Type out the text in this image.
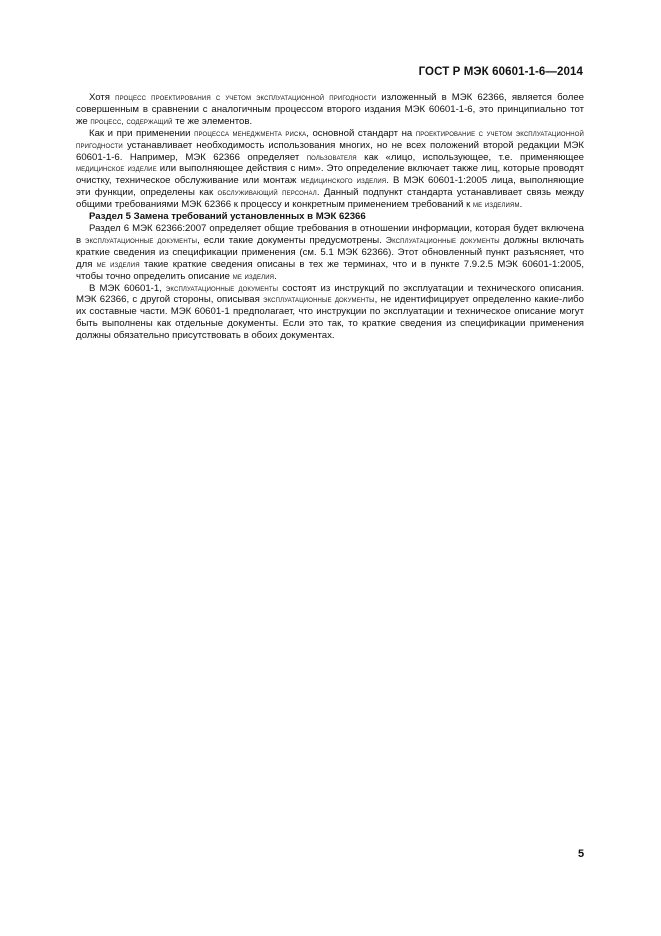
ГОСТ Р МЭК 60601-1-6—2014

Хотя процесс проектирования с учетом эксплуатационной пригодности изложенный в МЭК 62366, является более совершенным в сравнении с аналогичным процессом второго издания МЭК 60601-1-6, это принципиально тот же процесс, содержащий те же элементов.

Как и при применении процесса менеджмента риска, основной стандарт на проектирование с учетом эксплуатационной пригодности устанавливает необходимость использования многих, но не всех положений второй редакции МЭК 60601-1-6. Например, МЭК 62366 определяет пользователя как «лицо, использующее, т.е. применяющее медицинское изделие или выполняющее действия с ним». Это определение включает также лиц, которые проводят очистку, техническое обслуживание или монтаж медицинского изделия. В МЭК 60601-1:2005 лица, выполняющие эти функции, определены как обслуживающий персонал. Данный подпункт стандарта устанавливает связь между общими требованиями МЭК 62366 к процессу и конкретным применением требований к ме изделиям.

Раздел 5 Замена требований установленных в МЭК 62366

Раздел 6 МЭК 62366:2007 определяет общие требования в отношении информации, которая будет включена в эксплуатационные документы, если такие документы предусмотрены. Эксплуатационные документы должны включать краткие сведения из спецификации применения (см. 5.1 МЭК 62366). Этот обновленный пункт разъясняет, что для ме изделия такие краткие сведения описаны в тех же терминах, что и в пункте 7.9.2.5 МЭК 60601-1:2005, чтобы точно определить описание ме изделия.

В МЭК 60601-1, эксплуатационные документы состоят из инструкций по эксплуатации и технического описания. МЭК 62366, с другой стороны, описывая эксплуатационные документы, не идентифицирует определенно какие-либо их составные части. МЭК 60601-1 предполагает, что инструкции по эксплуатации и техническое описание могут быть выполнены как отдельные документы. Если это так, то краткие сведения из спецификации применения должны обязательно присутствовать в обоих документах.

5
